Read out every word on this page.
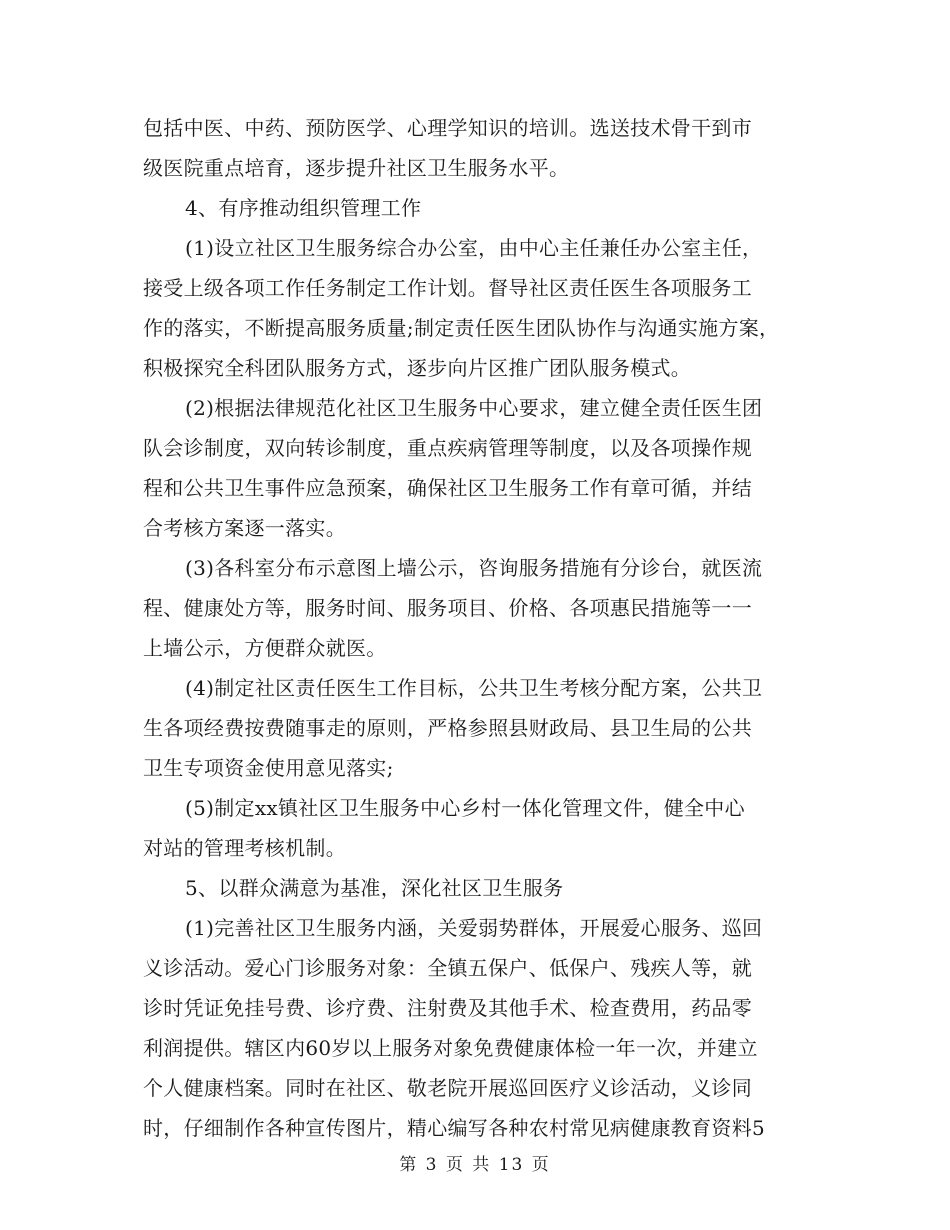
包括中医、中药、预防医学、心理学知识的培训。选送技术骨干到市
级医院重点培育，逐步提升社区卫生服务水平。
4、有序推动组织管理工作
(1)设立社区卫生服务综合办公室，由中心主任兼任办公室主任，
接受上级各项工作任务制定工作计划。督导社区责任医生各项服务工
作的落实，不断提高服务质量;制定责任医生团队协作与沟通实施方案，
积极探究全科团队服务方式，逐步向片区推广团队服务模式。
(2)根据法律规范化社区卫生服务中心要求，建立健全责任医生团
队会诊制度，双向转诊制度，重点疾病管理等制度，以及各项操作规
程和公共卫生事件应急预案，确保社区卫生服务工作有章可循，并结
合考核方案逐一落实。
(3)各科室分布示意图上墙公示，咨询服务措施有分诊台，就医流
程、健康处方等，服务时间、服务项目、价格、各项惠民措施等一一
上墙公示，方便群众就医。
(4)制定社区责任医生工作目标，公共卫生考核分配方案，公共卫
生各项经费按费随事走的原则，严格参照县财政局、县卫生局的公共
卫生专项资金使用意见落实;
(5)制定xx镇社区卫生服务中心乡村一体化管理文件，健全中心
对站的管理考核机制。
5、以群众满意为基准，深化社区卫生服务
(1)完善社区卫生服务内涵，关爱弱势群体，开展爱心服务、巡回
义诊活动。爱心门诊服务对象：全镇五保户、低保户、残疾人等，就
诊时凭证免挂号费、诊疗费、注射费及其他手术、检查费用，药品零
利润提供。辖区内60岁以上服务对象免费健康体检一年一次，并建立
个人健康档案。同时在社区、敬老院开展巡回医疗义诊活动，义诊同
时，仔细制作各种宣传图片，精心编写各种农村常见病健康教育资料5
第 3 页 共 13 页
